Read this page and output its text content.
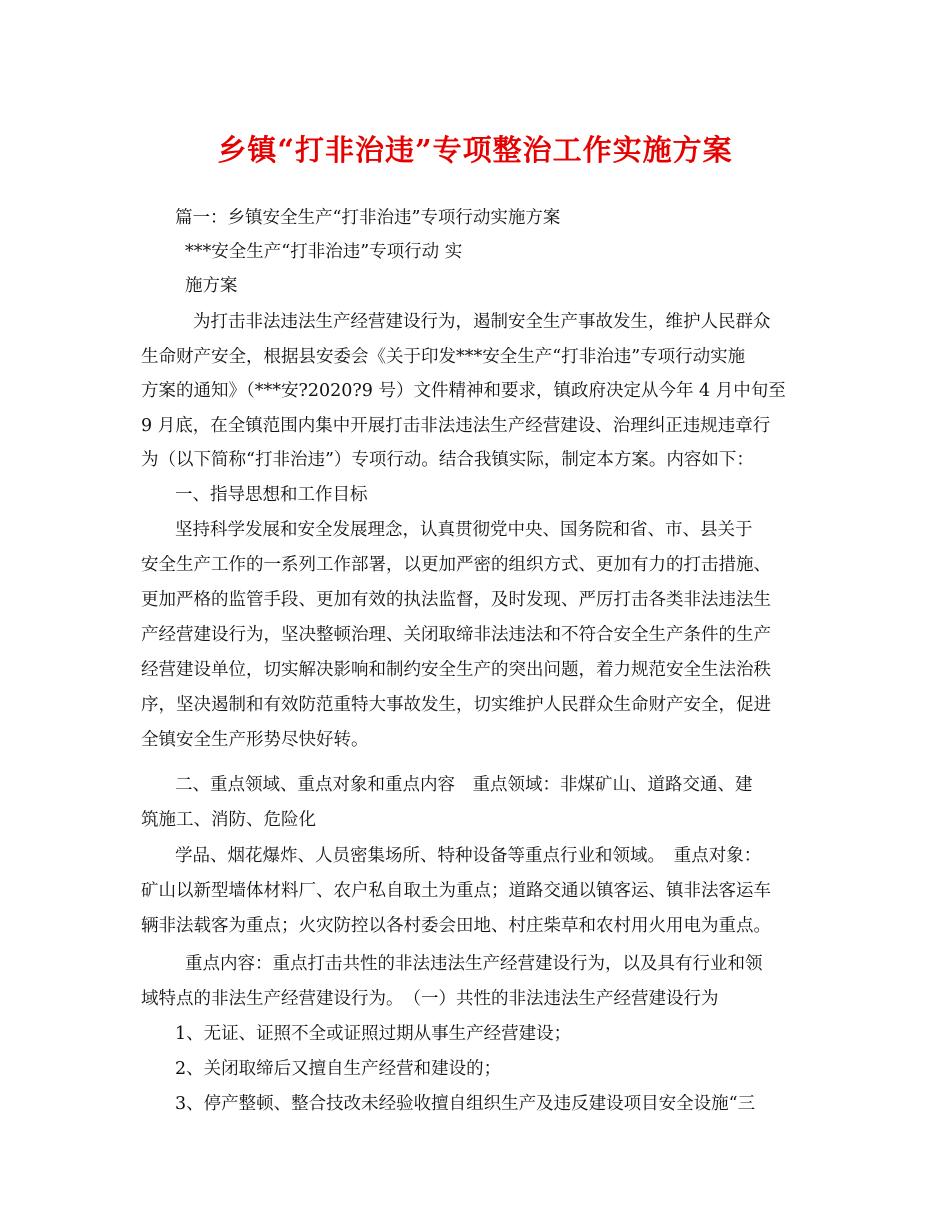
乡镇“打非治违”专项整治工作实施方案
篇一：乡镇安全生产“打非治违”专项行动实施方案
***安全生产“打非治违”专项行动 实
施方案
为打击非法违法生产经营建设行为，遏制安全生产事故发生，维护人民群众
生命财产安全，根据县安委会《关于印发***安全生产“打非治违”专项行动实施
方案的通知》（***安?2020?9 号）文件精神和要求，镇政府决定从今年 4 月中旬至
9 月底，在全镇范围内集中开展打击非法违法生产经营建设、治理纠正违规违章行
为（以下简称“打非治违”）专项行动。结合我镇实际，制定本方案。内容如下：
一、指导思想和工作目标
坚持科学发展和安全发展理念，认真贯彻党中央、国务院和省、市、县关于
安全生产工作的一系列工作部署，以更加严密的组织方式、更加有力的打击措施、
更加严格的监管手段、更加有效的执法监督，及时发现、严厉打击各类非法违法生
产经营建设行为，坚决整顿治理、关闭取缔非法违法和不符合安全生产条件的生产
经营建设单位，切实解决影响和制约安全生产的突出问题，着力规范安全生法治秩
序，坚决遏制和有效防范重特大事故发生，切实维护人民群众生命财产安全，促进
全镇安全生产形势尽快好转。
二、重点领域、重点对象和重点内容　重点领域：非煤矿山、道路交通、建
筑施工、消防、危险化
学品、烟花爆炸、人员密集场所、特种设备等重点行业和领域。　重点对象：
矿山以新型墙体材料厂、农户私自取土为重点；道路交通以镇客运、镇非法客运车
辆非法载客为重点；火灾防控以各村委会田地、村庄柴草和农村用火用电为重点。
重点内容：重点打击共性的非法违法生产经营建设行为，以及具有行业和领
域特点的非法生产经营建设行为。　（一）共性的非法违法生产经营建设行为
1、无证、证照不全或证照过期从事生产经营建设；
2、关闭取缔后又擅自生产经营和建设的；
3、停产整顿、整合技改未经验收擅自组织生产及违反建设项目安全设施“三
